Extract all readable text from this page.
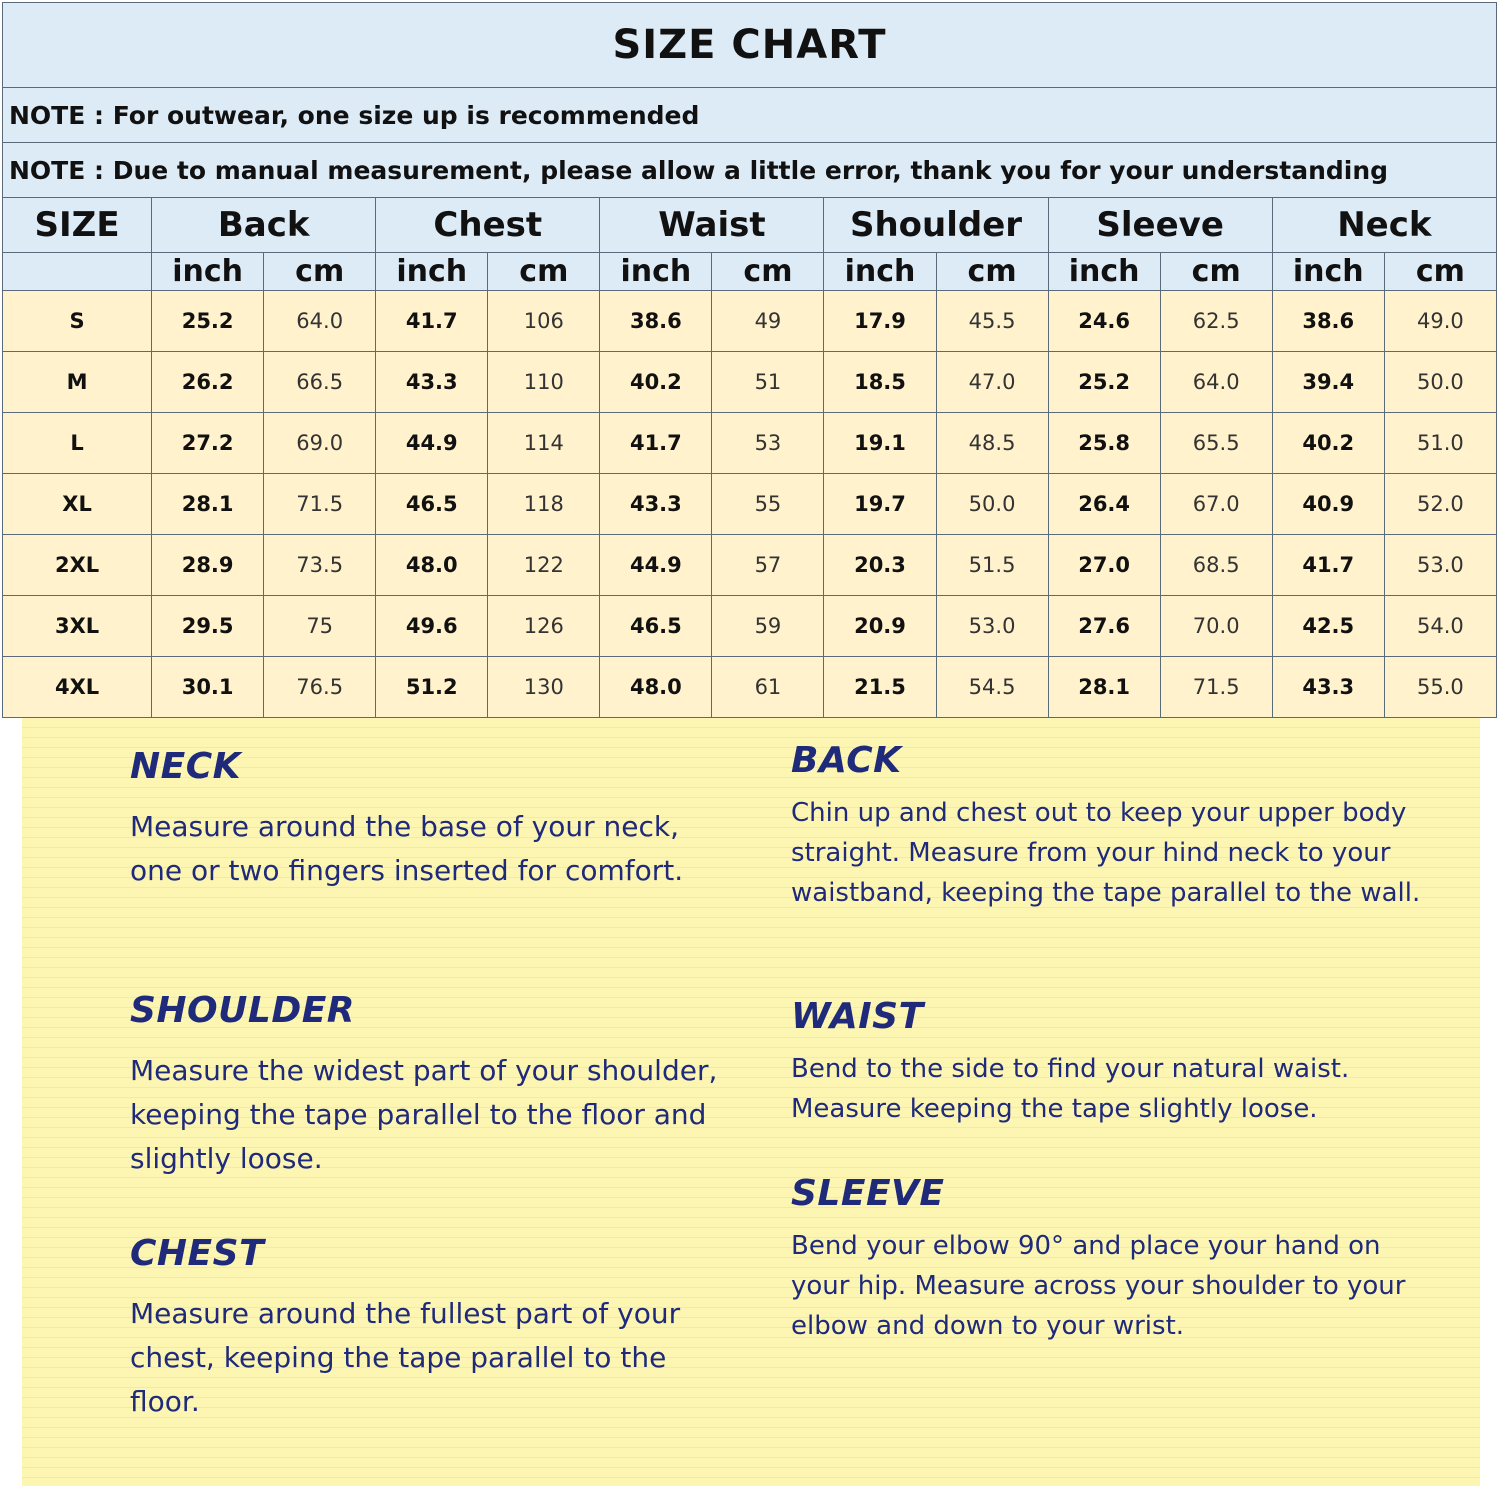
SIZE CHART												
NOTE : For outwear, one size up is recommended												
NOTE : Due to manual measurement, please allow a little error, thank you for your understanding												
SIZE	Back		Chest		Waist		Shoulder		Sleeve		Neck	
	inch	cm	inch	cm	inch	cm	inch	cm	inch	cm	inch	cm
S	25.2	64.0	41.7	106	38.6	49	17.9	45.5	24.6	62.5	38.6	49.0
M	26.2	66.5	43.3	110	40.2	51	18.5	47.0	25.2	64.0	39.4	50.0
L	27.2	69.0	44.9	114	41.7	53	19.1	48.5	25.8	65.5	40.2	51.0
XL	28.1	71.5	46.5	118	43.3	55	19.7	50.0	26.4	67.0	40.9	52.0
2XL	28.9	73.5	48.0	122	44.9	57	20.3	51.5	27.0	68.5	41.7	53.0
3XL	29.5	75	49.6	126	46.5	59	20.9	53.0	27.6	70.0	42.5	54.0
4XL	30.1	76.5	51.2	130	48.0	61	21.5	54.5	28.1	71.5	43.3	55.0
NECK

Measure around the base of your neck, one or two fingers inserted for comfort.

SHOULDER

Measure the widest part of your shoulder, keeping the tape parallel to the floor and slightly loose.

CHEST

Measure around the fullest part of your chest, keeping the tape parallel to the floor.

BACK

Chin up and chest out to keep your upper body straight. Measure from your hind neck to your waistband, keeping the tape parallel to the wall.

WAIST

Bend to the side to find your natural waist. Measure keeping the tape slightly loose.

SLEEVE

Bend your elbow 90° and place your hand on your hip. Measure across your shoulder to your elbow and down to your wrist.
